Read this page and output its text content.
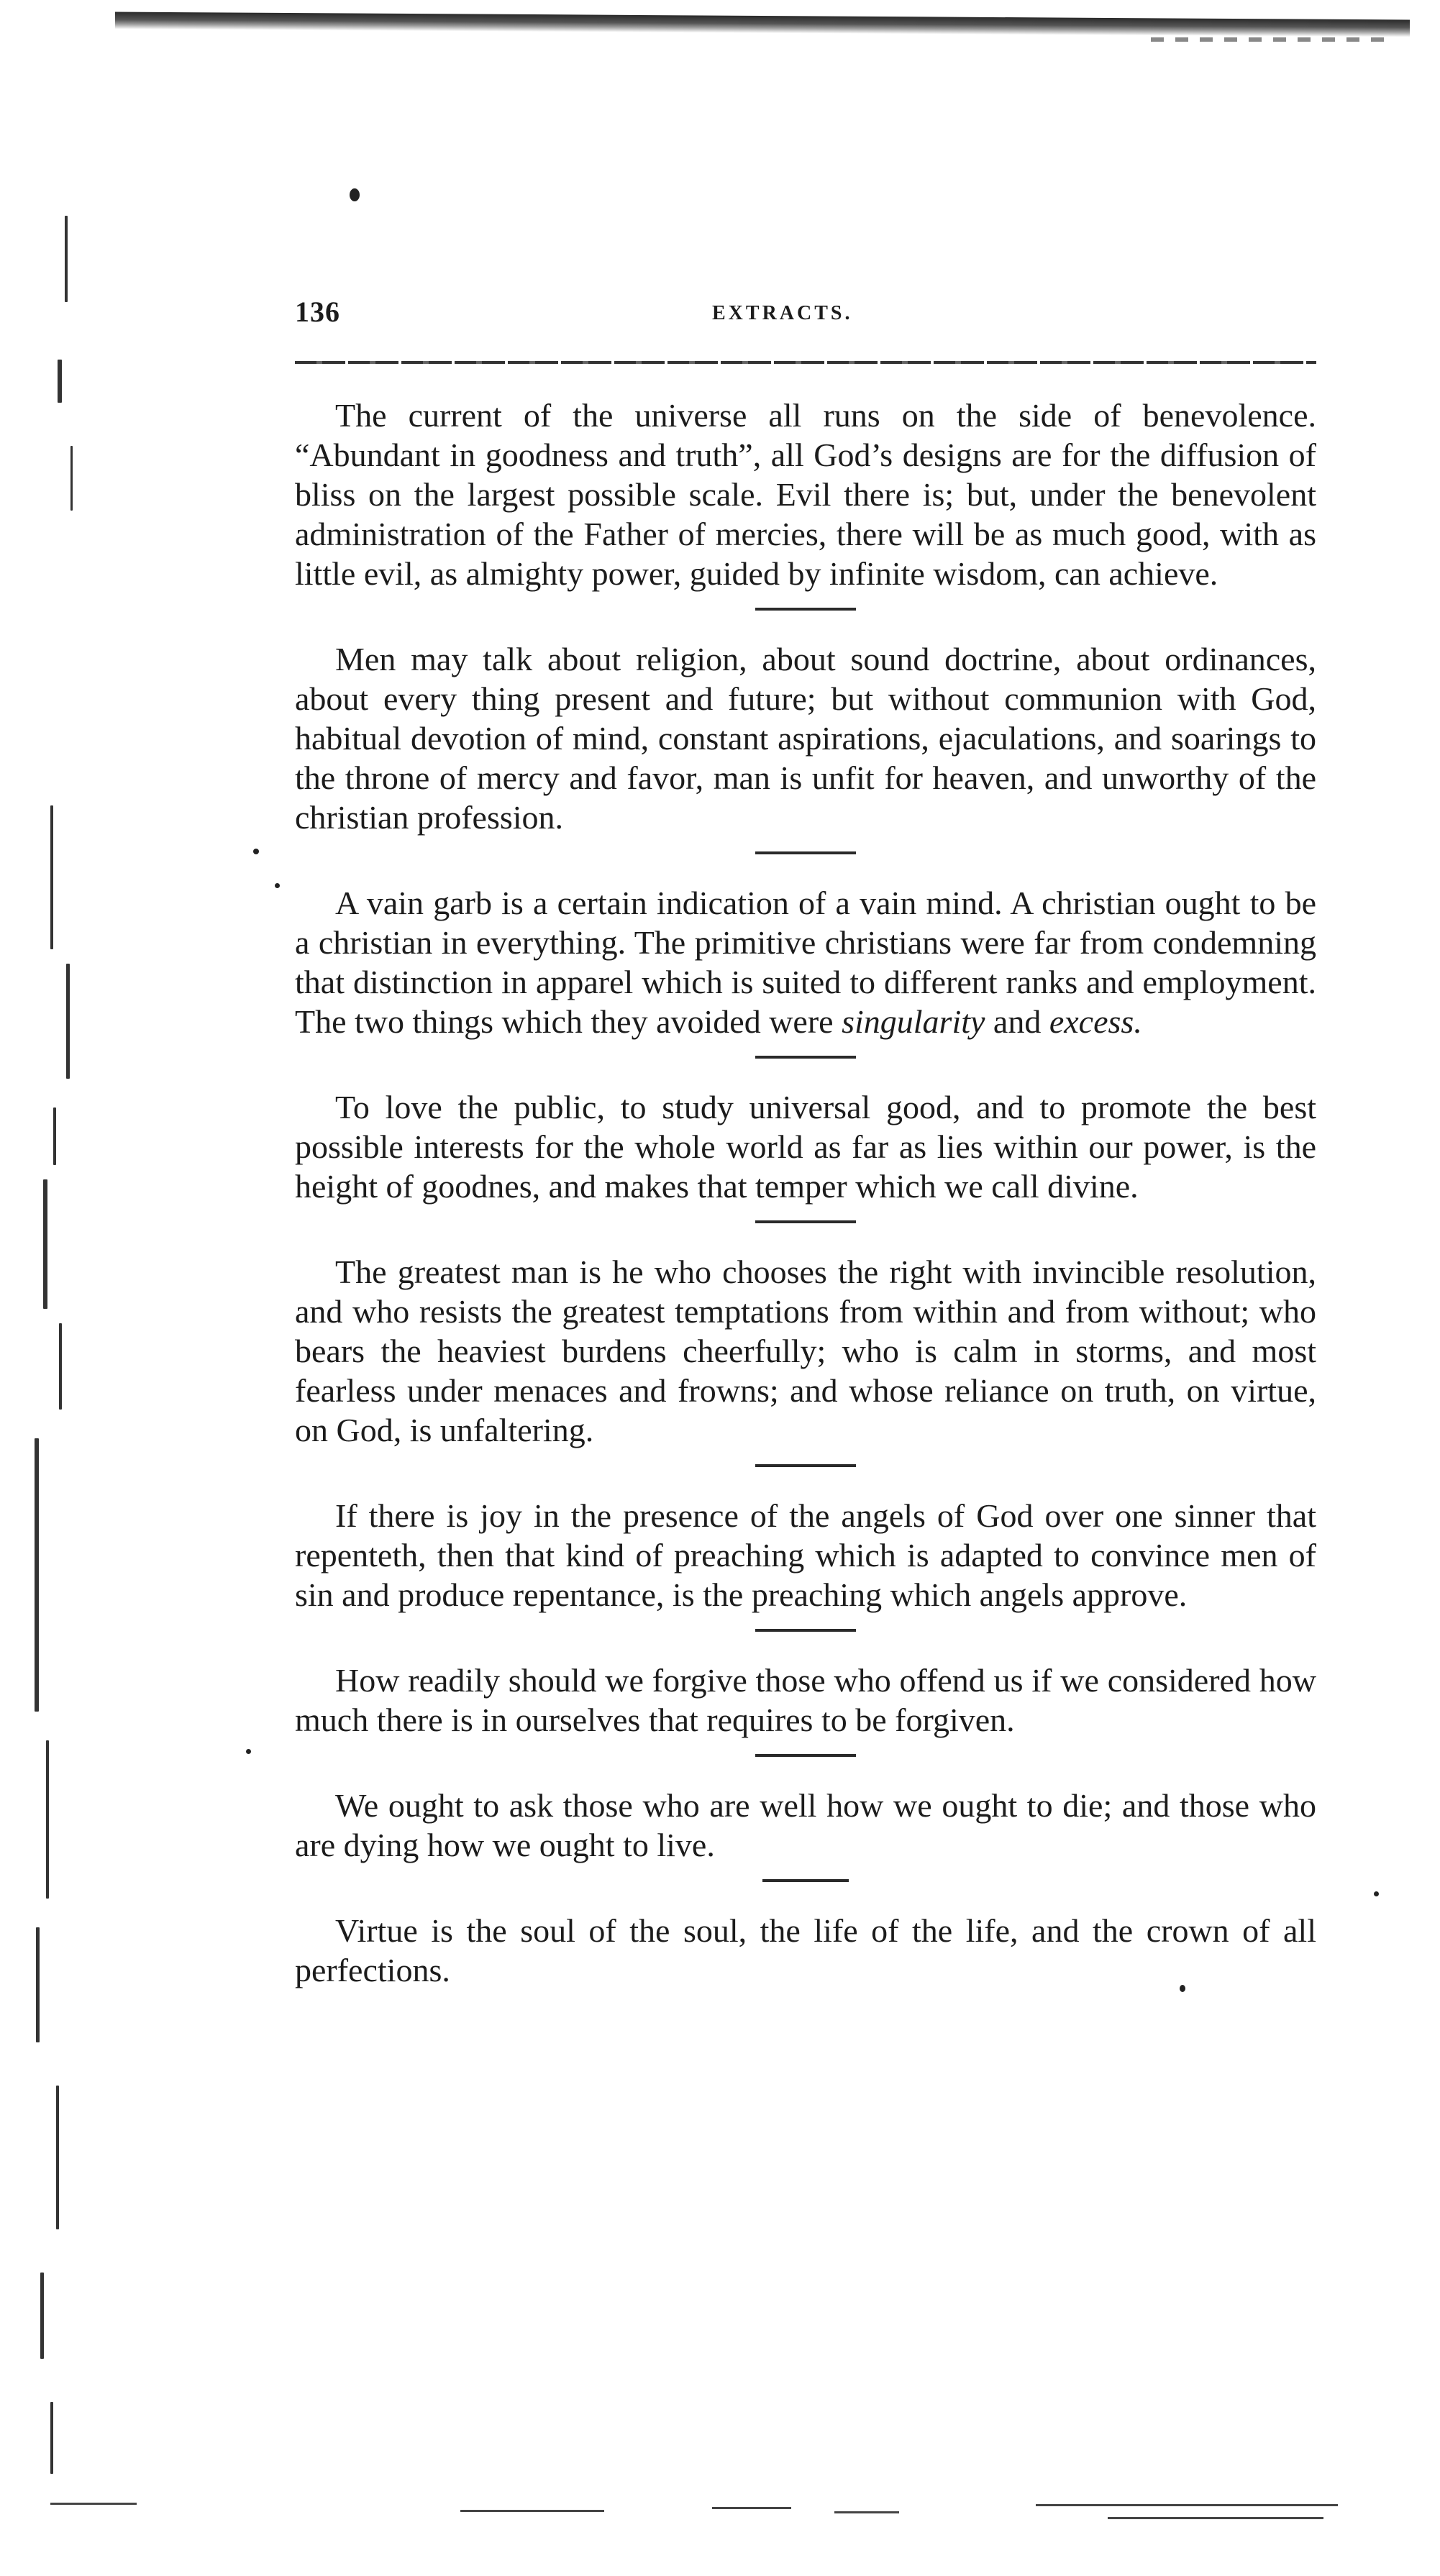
136	EXTRACTS.

The current of the universe all runs on the side of benevolence. “Abundant in goodness and truth”, all God’s designs are for the diffusion of bliss on the largest possible scale. Evil there is; but, under the benevolent administration of the Father of mercies, there will be as much good, with as little evil, as almighty power, guided by infinite wisdom, can achieve.

Men may talk about religion, about sound doctrine, about ordinances, about every thing present and future; but without communion with God, habitual devotion of mind, constant aspirations, ejaculations, and soarings to the throne of mercy and favor, man is unfit for heaven, and unworthy of the christian profession.

A vain garb is a certain indication of a vain mind. A christian ought to be a christian in everything. The primitive christians were far from condemning that distinction in apparel which is suited to different ranks and employment. The two things which they avoided were singularity and excess.

To love the public, to study universal good, and to promote the best possible interests for the whole world as far as lies within our power, is the height of goodnes, and makes that temper which we call divine.

The greatest man is he who chooses the right with invincible resolution, and who resists the greatest temptations from within and from without; who bears the heaviest burdens cheerfully; who is calm in storms, and most fearless under menaces and frowns; and whose reliance on truth, on virtue, on God, is unfaltering.

If there is joy in the presence of the angels of God over one sinner that repenteth, then that kind of preaching which is adapted to convince men of sin and produce repentance, is the preaching which angels approve.

How readily should we forgive those who offend us if we considered how much there is in ourselves that requires to be forgiven.

We ought to ask those who are well how we ought to die; and those who are dying how we ought to live.

Virtue is the soul of the soul, the life of the life, and the crown of all perfections.
